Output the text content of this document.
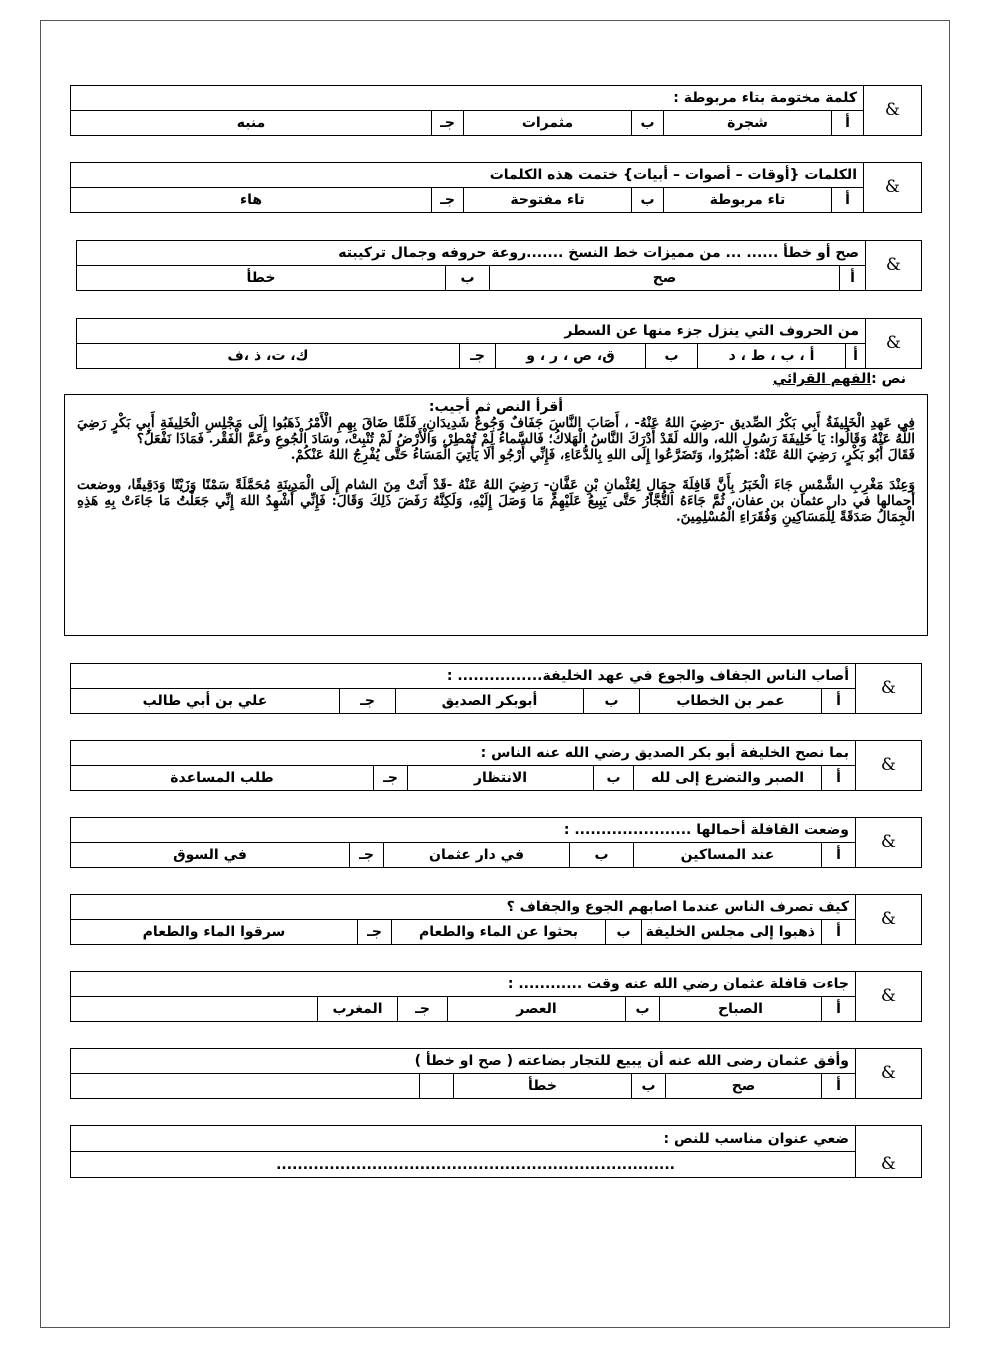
&	كلمة مختومة بتاء مربوطة :					
	أ	شجرة	ب	مثمرات	جـ	منبه
&	الكلمات {أوقات – أصوات – أبيات} ختمت هذه الكلمات					
	أ	تاء مربوطة	ب	تاء مفتوحة	جـ	هاء
&	صح أو خطأ ...... ... من مميزات خط النسخ .......روعة حروفه وجمال تركيبته			
	أ	صح	ب	خطأ
&	من الحروف التي ينزل جزء منها عن السطر					
	أ	أ ، ب ، ط ، د	ب	ق، ص ، ر ، و	جـ	ك، ت، ذ ،ف
نص :الفهم القرائي
أقرأ النص ثم أجيب:

فِي عَهدِ الْخَلِيفَةُ أَبِي بَكْرُ الصِّديق -رَضِيَ اللهُ عَنْهُ- ، أَصَابَ النَّاسَ جَفَافٌ وَجُوعٌ شَدِيدَانِ، فَلَمَّا ضَاقَ بِهِمِ الْأَمْرُ ذَهَبُوا إِلَى مَجْلِسِ الْخَلِيفَةِ أَبِي بَكْرٍ رَضِيَ اللَّهُ عَنْهُ وَقَالُوا: يَا خَلِيفَةَ رَسُولِ الله، والله لَقَدْ أَدْرَكَ النَّاسُ الْهَلاكُ؛ فَالسَّماءُ لَمْ تُمْطِرْ، وَالْأَرْضُ لَمْ تُنْبِتْ، وسَادَ الْجُوعِ وعَمَّ الْفَقْر. فَمَاذَا نَفْعَلُ؟

فَقَالَ أَبُو بَكْرٍ، رَضِيَ اللهُ عَنْهُ: اصْبُرُوا، وَتَضَرَّعُوا إِلَى اللهِ بِالدُّعَاءِ، فَإِنِّي أَرْجُو أَلَا يَأْتِيَ الْمَسَاءُ حَتَّى يُفْرِجُ اللهُ عَنْكُمْ.

وَعِنْدَ مَغْرِبِ الشَّمْسِ جَاءَ الْخَبَرُ بِأَنَّ قَافِلَةَ جِمَالٍ لِعُثْمانِ بْنِ عَفَّانٍ- رَضِيَ اللهُ عَنْهُ -قَدْ أَتَتْ مِنَ الشام إِلَى الْمَدِينَةِ مُحَمَّلَةً سَمْنًا وَزَيْتًا وَدَقِيقًا، ووضعت أحمالها في دار عثمان بن عفان، ثُمَّ جَاءَهُ التُّجَّارُ حَتَّى يَبِيعُ عَلَيْهِمُ مَا وَصَلَ إِلَيْهِ، وَلَكِنَّهُ رَفَضَ ذَلِكَ وَقَالَ: فَإِنِّي أُشْهِدُ اللهَ إِنِّي جَعَلْتُ مَا جَاءَتْ بِهِ هَذِهِ الْجِمَالُ صَدَقَةً لِلْمَسَاكِينِ وَفُقَرَاءِ الْمُسْلِمِينَ.

&	أصاب الناس الجفاف والجوع في عهد الخليفة................ :					
	أ	عمر بن الخطاب	ب	أبوبكر الصديق	جـ	علي بن أبي طالب
&	بما نصح الخليفة أبو بكر الصديق رضي الله عنه الناس :					
	أ	الصبر والتضرع إلى لله	ب	الانتظار	جـ	طلب المساعدة
&	وضعت القافلة أحمالها ...................... :					
	أ	عند المساكين	ب	في دار عثمان	جـ	في السوق
&	كيف تصرف الناس عندما اصابهم الجوع والجفاف ؟					
	أ	ذهبوا إلى مجلس الخليفة	ب	بحثوا عن الماء والطعام	جـ	سرقوا الماء والطعام
&	جاءت قافلة عثمان رضي الله عنه وقت ............ :						
	أ	الصباح	ب	العصر	جـ	المغرب	
&	وأفق عثمان رضى الله عنه أن يبيع للتجار بضاعته ( صح او خطأ )					
	أ	صح	ب	خطأ		
&	ضعي عنوان مناسب للنص :
...........................................................................
